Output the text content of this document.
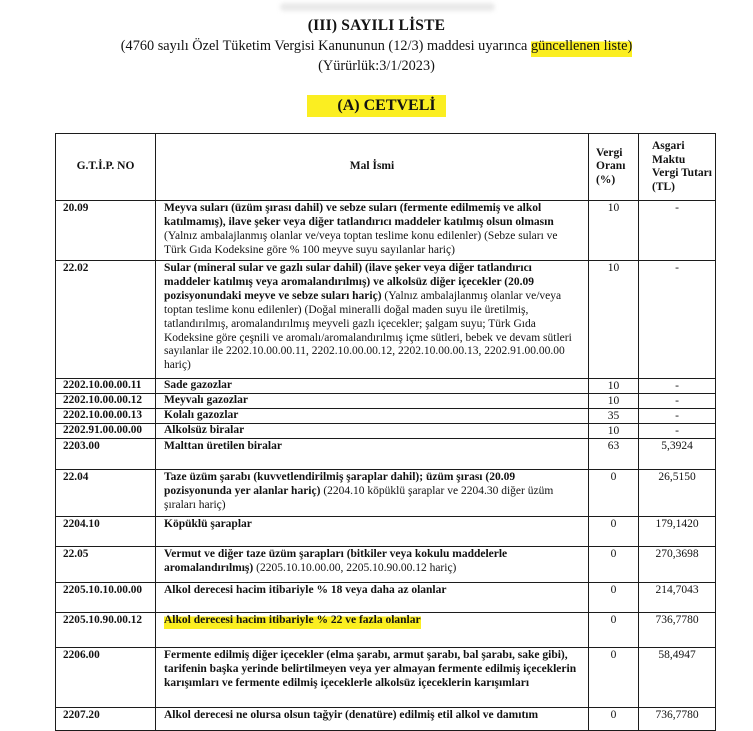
(III) SAYILI LİSTE
(4760 sayılı Özel Tüketim Vergisi Kanununun (12/3) maddesi uyarınca güncellenen liste)
(Yürürlük:3/1/2023)
(A) CETVELİ
G.T.İ.P. NO	Mal İsmi	Vergi Oranı (%)	Asgari Maktu Vergi Tutarı (TL)
20.09	Meyva suları (üzüm şırası dahil) ve sebze suları (fermente edilmemiş ve alkol katılmamış), ilave şeker veya diğer tatlandırıcı maddeler katılmış olsun olmasın (Yalnız ambalajlanmış olanlar ve/veya toptan teslime konu edilenler) (Sebze suları ve Türk Gıda Kodeksine göre % 100 meyve suyu sayılanlar hariç)	10	-
22.02	Sular (mineral sular ve gazlı sular dahil) (ilave şeker veya diğer tatlandırıcı maddeler katılmış veya aromalandırılmış) ve alkolsüz diğer içecekler (20.09 pozisyonundaki meyve ve sebze suları hariç) (Yalnız ambalajlanmış olanlar ve/veya toptan teslime konu edilenler) (Doğal mineralli doğal maden suyu ile üretilmiş, tatlandırılmış, aromalandırılmış meyveli gazlı içecekler; şalgam suyu; Türk Gıda Kodeksine göre çeşnili ve aromalı/aromalandırılmış içme sütleri, bebek ve devam sütleri sayılanlar ile 2202.10.00.00.11, 2202.10.00.00.12, 2202.10.00.00.13, 2202.91.00.00.00 hariç)	10	-
2202.10.00.00.11	Sade gazozlar	10	-
2202.10.00.00.12	Meyvalı gazozlar	10	-
2202.10.00.00.13	Kolalı gazozlar	35	-
2202.91.00.00.00	Alkolsüz biralar	10	-
2203.00	Malttan üretilen biralar	63	5,3924
22.04	Taze üzüm şarabı (kuvvetlendirilmiş şaraplar dahil); üzüm şırası (20.09 pozisyonunda yer alanlar hariç) (2204.10 köpüklü şaraplar ve 2204.30 diğer üzüm şıraları hariç)	0	26,5150
2204.10	Köpüklü şaraplar	0	179,1420
22.05	Vermut ve diğer taze üzüm şarapları (bitkiler veya kokulu maddelerle aromalandırılmış) (2205.10.10.00.00, 2205.10.90.00.12 hariç)	0	270,3698
2205.10.10.00.00	Alkol derecesi hacim itibariyle % 18 veya daha az olanlar	0	214,7043
2205.10.90.00.12	Alkol derecesi hacim itibariyle % 22 ve fazla olanlar	0	736,7780
2206.00	Fermente edilmiş diğer içecekler (elma şarabı, armut şarabı, bal şarabı, sake gibi), tarifenin başka yerinde belirtilmeyen veya yer almayan fermente edilmiş içeceklerin karışımları ve fermente edilmiş içeceklerle alkolsüz içeceklerin karışımları	0	58,4947
2207.20	Alkol derecesi ne olursa olsun tağyir (denatüre) edilmiş etil alkol ve damıtım	0	736,7780
